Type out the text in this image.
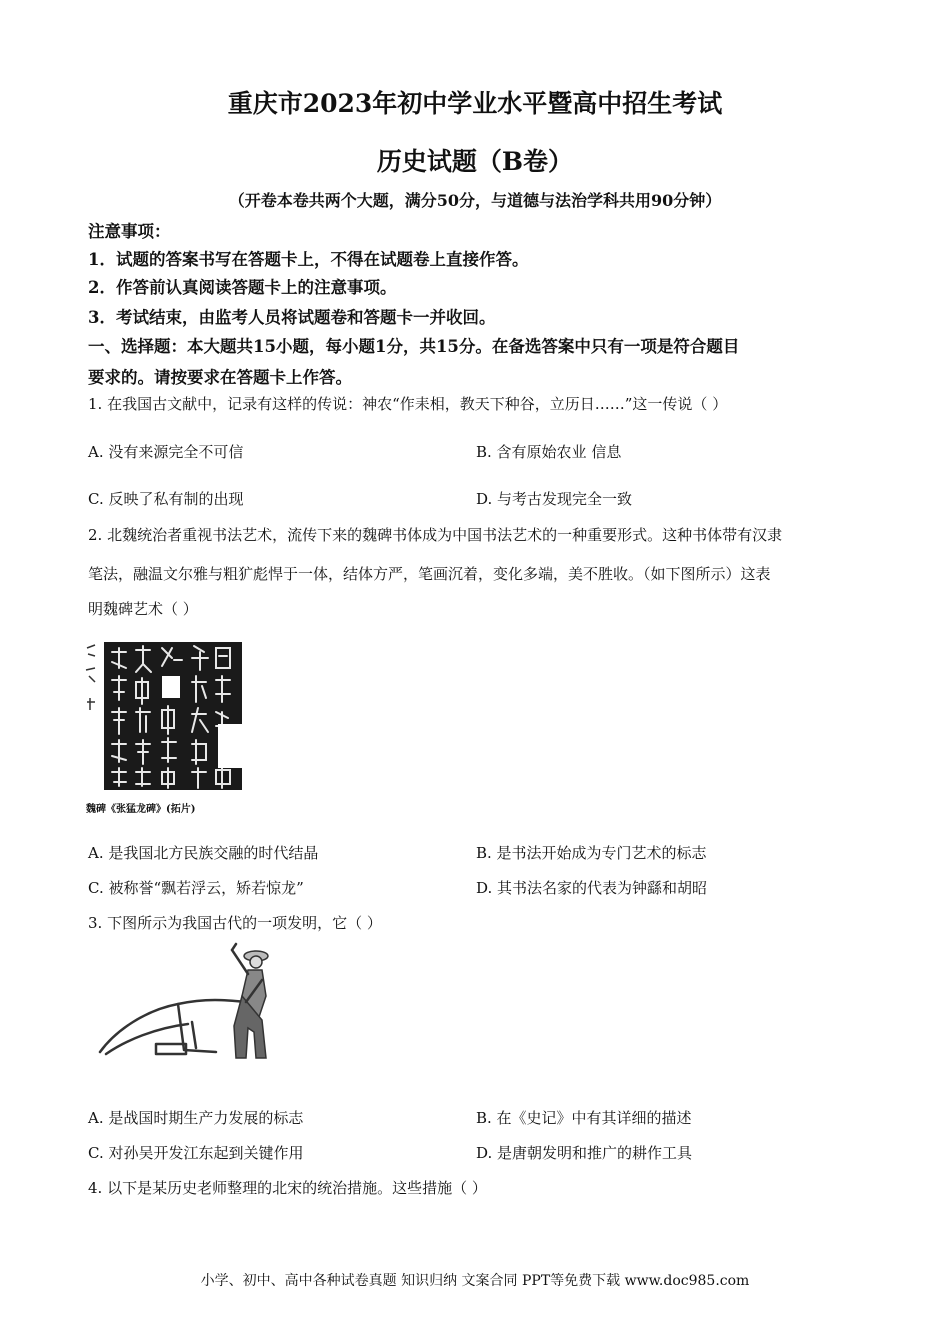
重庆市2023年初中学业水平暨高中招生考试
历史试题（B卷）
（开卷本卷共两个大题，满分50分，与道德与法治学科共用90分钟）
注意事项：
1．试题的答案书写在答题卡上，不得在试题卷上直接作答。
2．作答前认真阅读答题卡上的注意事项。
3．考试结束，由监考人员将试题卷和答题卡一并收回。
一、选择题：本大题共15小题，每小题1分，共15分。在备选答案中只有一项是符合题目
要求的。请按要求在答题卡上作答。
1. 在我国古文献中，记录有这样的传说：神农“作耒相，教天下种谷，立历日……”这一传说（ ）
A. 没有来源完全不可信	B. 含有原始农业 信息
C. 反映了私有制的出现	D. 与考古发现完全一致
2. 北魏统治者重视书法艺术，流传下来的魏碑书体成为中国书法艺术的一种重要形式。这种书体带有汉隶
笔法，融温文尔雅与粗犷彪悍于一体，结体方严，笔画沉着，变化多端，美不胜收。（如下图所示）这表
明魏碑艺术（ ）
魏碑《张猛龙碑》(拓片)
A. 是我国北方民族交融的时代结晶	B. 是书法开始成为专门艺术的标志
C. 被称誉“飘若浮云，矫若惊龙”	D. 其书法名家的代表为钟繇和胡昭
3. 下图所示为我国古代的一项发明，它（ ）
A. 是战国时期生产力发展的标志	B. 在《史记》中有其详细的描述
C. 对孙吴开发江东起到关键作用	D. 是唐朝发明和推广的耕作工具
4. 以下是某历史老师整理的北宋的统治措施。这些措施（ ）
小学、初中、高中各种试卷真题 知识归纳 文案合同 PPT等免费下载 www.doc985.com
